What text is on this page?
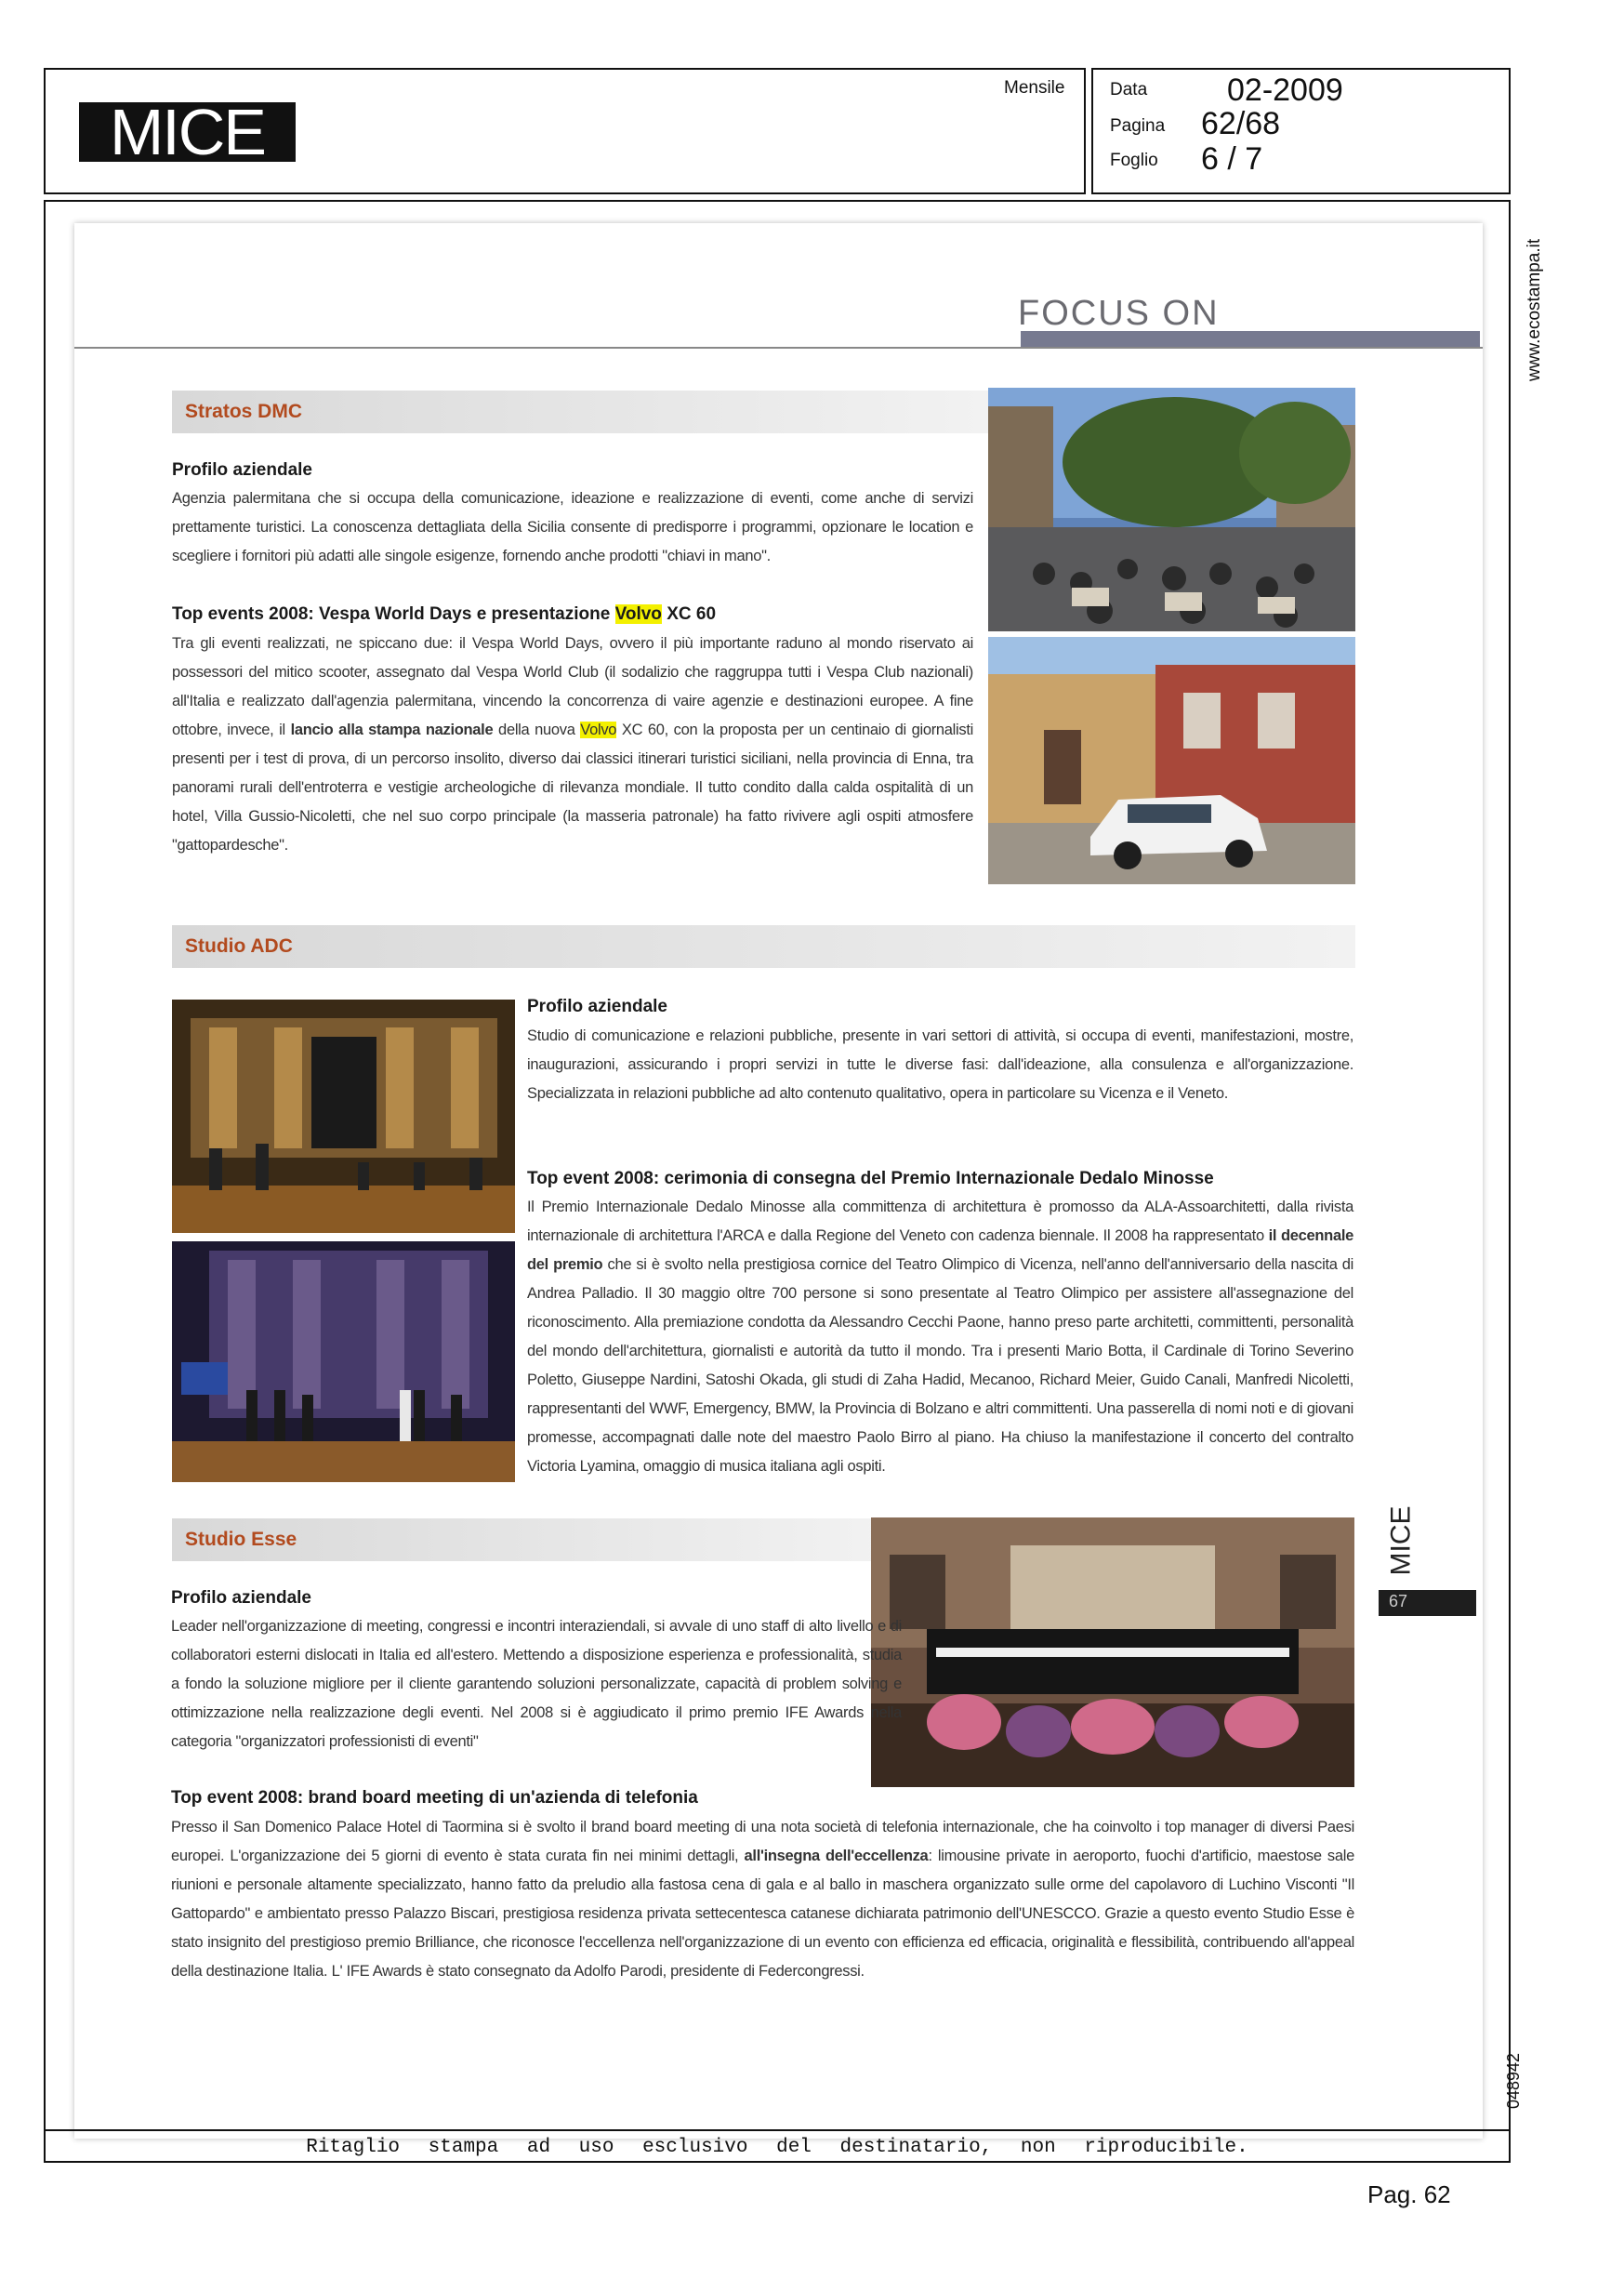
MICE
Mensile	Data	02-2009
Pagina 62/68
Foglio 6 / 7
www.ecostampa.it
FOCUS ON
Stratos DMC
Profilo aziendale
Agenzia palermitana che si occupa della comunicazione, ideazione e realizzazione di eventi, come anche di servizi prettamente turistici. La conoscenza dettagliata della Sicilia consente di predisporre i programmi, opzionare le location e scegliere i fornitori più adatti alle singole esigenze, fornendo anche prodotti "chiavi in mano".
Top events 2008: Vespa World Days e presentazione Volvo XC 60
Tra gli eventi realizzati, ne spiccano due: il Vespa World Days, ovvero il più importante raduno al mondo riservato ai possessori del mitico scooter, assegnato dal Vespa World Club (il sodalizio che raggruppa tutti i Vespa Club nazionali) all'Italia e realizzato dall'agenzia palermitana, vincendo la concorrenza di vaire agenzie e destinazioni europee. A fine ottobre, invece, il lancio alla stampa nazionale della nuova Volvo XC 60, con la proposta per un centinaio di giornalisti presenti per i test di prova, di un percorso insolito, diverso dai classici itinerari turistici siciliani, nella provincia di Enna, tra panorami rurali dell'entroterra e vestigie archeologiche di rilevanza mondiale. Il tutto condito dalla calda ospitalità di un hotel, Villa Gussio-Nicoletti, che nel suo corpo principale (la masseria patronale) ha fatto rivivere agli ospiti atmosfere "gattopardesche".
Studio ADC
Profilo aziendale
Studio di comunicazione e relazioni pubbliche, presente in vari settori di attività, si occupa di eventi, manifestazioni, mostre, inaugurazioni, assicurando i propri servizi in tutte le diverse fasi: dall'ideazione, alla consulenza e all'organizzazione. Specializzata in relazioni pubbliche ad alto contenuto qualitativo, opera in particolare su Vicenza e il Veneto.
Top event 2008: cerimonia di consegna del Premio Internazionale Dedalo Minosse
Il Premio Internazionale Dedalo Minosse alla committenza di architettura è promosso da ALA-Assoarchitetti, dalla rivista internazionale di architettura l'ARCA e dalla Regione del Veneto con cadenza biennale. Il 2008 ha rappresentato il decennale del premio che si è svolto nella prestigiosa cornice del Teatro Olimpico di Vicenza, nell'anno dell'anniversario della nascita di Andrea Palladio. Il 30 maggio oltre 700 persone si sono presentate al Teatro Olimpico per assistere all'assegnazione del riconoscimento. Alla premiazione condotta da Alessandro Cecchi Paone, hanno preso parte architetti, committenti, personalità del mondo dell'architettura, giornalisti e autorità da tutto il mondo. Tra i presenti Mario Botta, il Cardinale di Torino Severino Poletto, Giuseppe Nardini, Satoshi Okada, gli studi di Zaha Hadid, Mecanoo, Richard Meier, Guido Canali, Manfredi Nicoletti, rappresentanti del WWF, Emergency, BMW, la Provincia di Bolzano e altri committenti. Una passerella di nomi noti e di giovani promesse, accompagnati dalle note del maestro Paolo Birro al piano. Ha chiuso la manifestazione il concerto del contralto Victoria Lyamina, omaggio di musica italiana agli ospiti.
Studio Esse
Profilo aziendale
Leader nell'organizzazione di meeting, congressi e incontri interaziendali, si avvale di uno staff di alto livello e di collaboratori esterni dislocati in Italia ed all'estero. Mettendo a disposizione esperienza e professionalità, studia a fondo la soluzione migliore per il cliente garantendo soluzioni personalizzate, capacità di problem solving e ottimizzazione nella realizzazione degli eventi. Nel 2008 si è aggiudicato il primo premio IFE Awards nella categoria "organizzatori professionisti di eventi"
Top event 2008: brand board meeting di un'azienda di telefonia
Presso il San Domenico Palace Hotel di Taormina si è svolto il brand board meeting di una nota società di telefonia internazionale, che ha coinvolto i top manager di diversi Paesi europei. L'organizzazione dei 5 giorni di evento è stata curata fin nei minimi dettagli, all'insegna dell'eccellenza: limousine private in aeroporto, fuochi d'artificio, maestose sale riunioni e personale altamente specializzato, hanno fatto da preludio alla fastosa cena di gala e al ballo in maschera organizzato sulle orme del capolavoro di Luchino Visconti "Il Gattopardo" e ambientato presso Palazzo Biscari, prestigiosa residenza privata settecentesca catanese dichiarata patrimonio dell'UNESCCO. Grazie a questo evento Studio Esse è stato insignito del prestigioso premio Brilliance, che riconosce l'eccellenza nell'organizzazione di un evento con efficienza ed efficacia, originalità e flessibilità, contribuendo all'appeal della destinazione Italia. L' IFE Awards è stato consegnato da Adolfo Parodi, presidente di Federcongressi.
MICE
67
048942
Ritaglio stampa ad uso esclusivo del destinatario, non riproducibile.
Pag. 62
